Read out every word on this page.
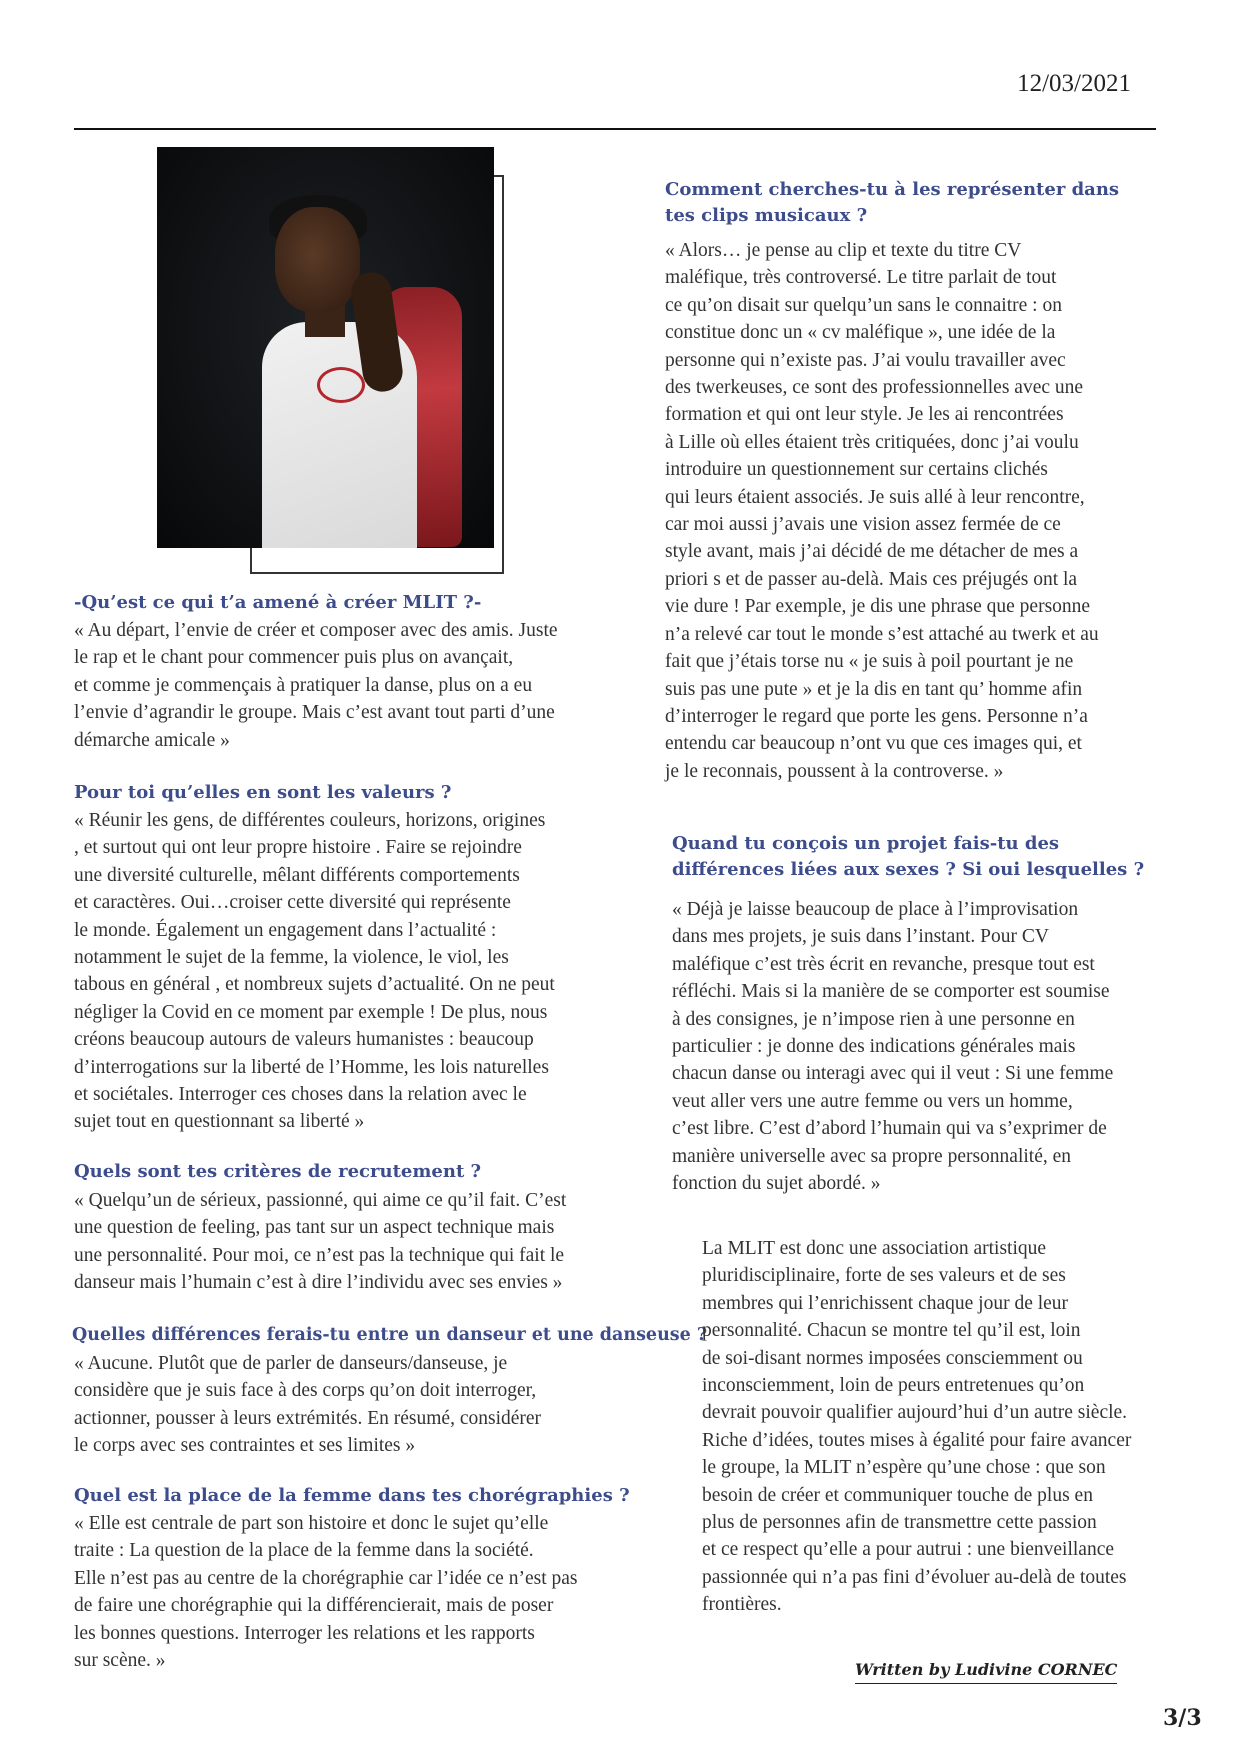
12/03/2021

-Qu’est ce qui t’a amené à créer MLIT ?-

« Au départ, l’envie de créer et composer avec des amis. Juste
le rap et le chant pour commencer puis plus on avançait,
et comme je commençais à pratiquer la danse, plus on a eu
l’envie d’agrandir le groupe. Mais c’est avant tout parti d’une
démarche amicale »

Pour toi qu’elles en sont les valeurs ?

« Réunir les gens, de différentes couleurs, horizons, origines
, et surtout qui ont leur propre histoire . Faire se rejoindre
une diversité culturelle, mêlant différents comportements
et caractères. Oui…croiser cette diversité qui représente
le monde. Également un engagement dans l’actualité :
notamment le sujet de la femme, la violence, le viol, les
tabous en général , et nombreux sujets d’actualité. On ne peut
négliger la Covid en ce moment par exemple ! De plus, nous
créons beaucoup autours de valeurs humanistes : beaucoup
d’interrogations sur la liberté de l’Homme, les lois naturelles
et sociétales. Interroger ces choses dans la relation avec le
sujet tout en questionnant sa liberté »

Quels sont tes critères de recrutement ?

« Quelqu’un de sérieux, passionné, qui aime ce qu’il fait. C’est
une question de feeling, pas tant sur un aspect technique mais
une personnalité. Pour moi, ce n’est pas la technique qui fait le
danseur mais l’humain c’est à dire l’individu avec ses envies »

Quelles différences ferais-tu entre un danseur et une danseuse ?

« Aucune. Plutôt que de parler de danseurs/danseuse, je
considère que je suis face à des corps qu’on doit interroger,
actionner, pousser à leurs extrémités. En résumé, considérer
le corps avec ses contraintes et ses limites »

Quel est la place de la femme dans tes chorégraphies ?

« Elle est centrale de part son histoire et donc le sujet qu’elle
traite : La question de la place de la femme dans la société.
Elle n’est pas au centre de la chorégraphie car l’idée ce n’est pas
de faire une chorégraphie qui la différencierait, mais de poser
les bonnes questions. Interroger les relations et les rapports
sur scène. »

Comment cherches-tu à les représenter dans
tes clips musicaux ?

« Alors… je pense au clip et texte du titre CV
maléfique, très controversé. Le titre parlait de tout
ce qu’on disait sur quelqu’un sans le connaitre : on
constitue donc un « cv maléfique », une idée de la
personne qui n’existe pas. J’ai voulu travailler avec
des twerkeuses, ce sont des professionnelles avec une
formation et qui ont leur style. Je les ai rencontrées
à Lille où elles étaient très critiquées, donc j’ai voulu
introduire un questionnement sur certains clichés
qui leurs étaient associés. Je suis allé à leur rencontre,
car moi aussi j’avais une vision assez fermée de ce
style avant, mais j’ai décidé de me détacher de mes a
priori s et de passer au-delà. Mais ces préjugés ont la
vie dure ! Par exemple, je dis une phrase que personne
n’a relevé car tout le monde s’est attaché au twerk et au
fait que j’étais torse nu « je suis à poil pourtant je ne
suis pas une pute » et je la dis en tant qu’ homme afin
d’interroger le regard que porte les gens. Personne n’a
entendu car beaucoup n’ont vu que ces images qui, et
je le reconnais, poussent à la controverse. »

Quand tu conçois un projet fais-tu des
différences liées aux sexes ? Si oui lesquelles ?

« Déjà je laisse beaucoup de place à l’improvisation
dans mes projets, je suis dans l’instant. Pour CV
maléfique c’est très écrit en revanche, presque tout est
réfléchi. Mais si la manière de se comporter est soumise
à des consignes, je n’impose rien à une personne en
particulier : je donne des indications générales mais
chacun danse ou interagi avec qui il veut : Si une femme
veut aller vers une autre femme ou vers un homme,
c’est libre. C’est d’abord l’humain qui va s’exprimer de
manière universelle avec sa propre personnalité, en
fonction du sujet abordé. »

La MLIT est donc une association artistique
pluridisciplinaire, forte de ses valeurs et de ses
membres qui l’enrichissent chaque jour de leur
personnalité. Chacun se montre tel qu’il est, loin
de soi-disant normes imposées consciemment ou
inconsciemment, loin de peurs entretenues qu’on
devrait pouvoir qualifier aujourd’hui d’un autre siècle.
Riche d’idées, toutes mises à égalité pour faire avancer
le groupe, la MLIT n’espère qu’une chose : que son
besoin de créer et communiquer touche de plus en
plus de personnes afin de transmettre cette passion
et ce respect qu’elle a pour autrui : une bienveillance
passionnée qui n’a pas fini d’évoluer au-delà de toutes
frontières.

Written by Ludivine CORNEC
3/3
